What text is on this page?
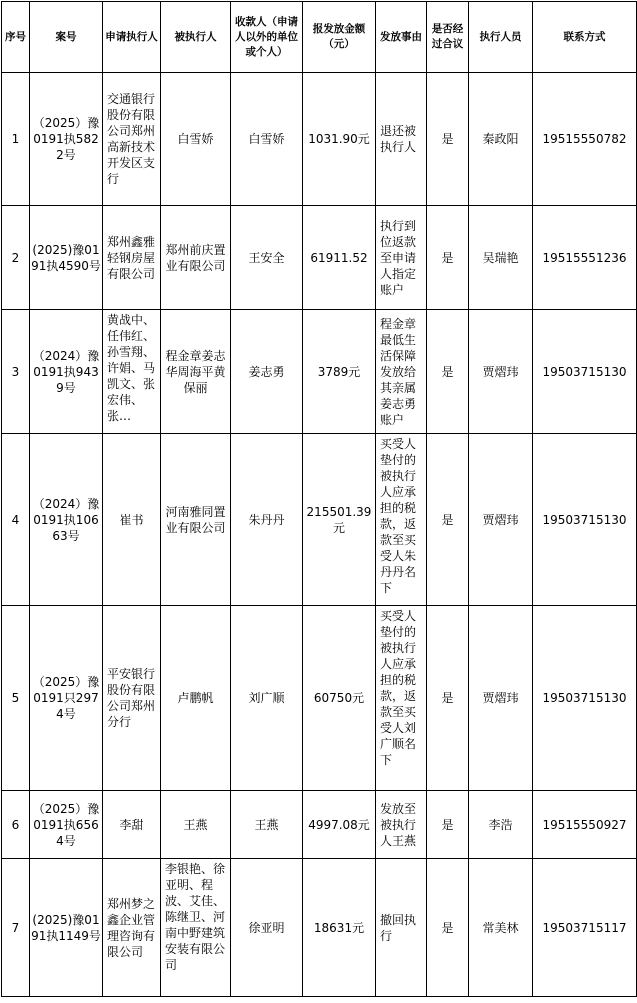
序号	案号	申请执行人	被执行人	收款人（申请人以外的单位或个人）	报发放金额（元）	发放事由	是否经过合议	执行人员	联系方式
1	（2025）豫0191执5822号	交通银行股份有限公司郑州高新技术开发区支行	白雪娇	白雪娇	1031.90元	退还被执行人	是	秦政阳	19515550782
2	(2025)豫0191执4590号	郑州鑫雅轻钢房屋有限公司	郑州前庆置业有限公司	王安全	61911.52	执行到位返款至申请人指定账户	是	吴瑞艳	19515551236
3	（2024）豫0191执9439号	黄战中、任伟红、孙雪翔、许娟、马凯文、张宏伟、张…	程金章姜志华周海平黄保丽	姜志勇	3789元	程金章最低生活保障发放给其亲属姜志勇账户	是	贾熠玮	19503715130
4	（2024）豫0191执10663号	崔书	河南雅同置业有限公司	朱丹丹	215501.39元	买受人垫付的被执行人应承担的税款，返款至买受人朱丹丹名下	是	贾熠玮	19503715130
5	（2025）豫0191只2974号	平安银行股份有限公司郑州分行	卢鹏帆	刘广顺	60750元	买受人垫付的被执行人应承担的税款，返款至买受人刘广顺名下	是	贾熠玮	19503715130
6	（2025）豫0191执6564号	李甜	王燕	王燕	4997.08元	发放至被执行人王燕	是	李浩	19515550927
7	(2025)豫0191执1149号	郑州梦之鑫企业管理咨询有限公司	李银艳、徐亚明、程波、艾佳、陈继卫、河南中野建筑安装有限公司	徐亚明	18631元	撤回执行	是	常美林	19503715117
